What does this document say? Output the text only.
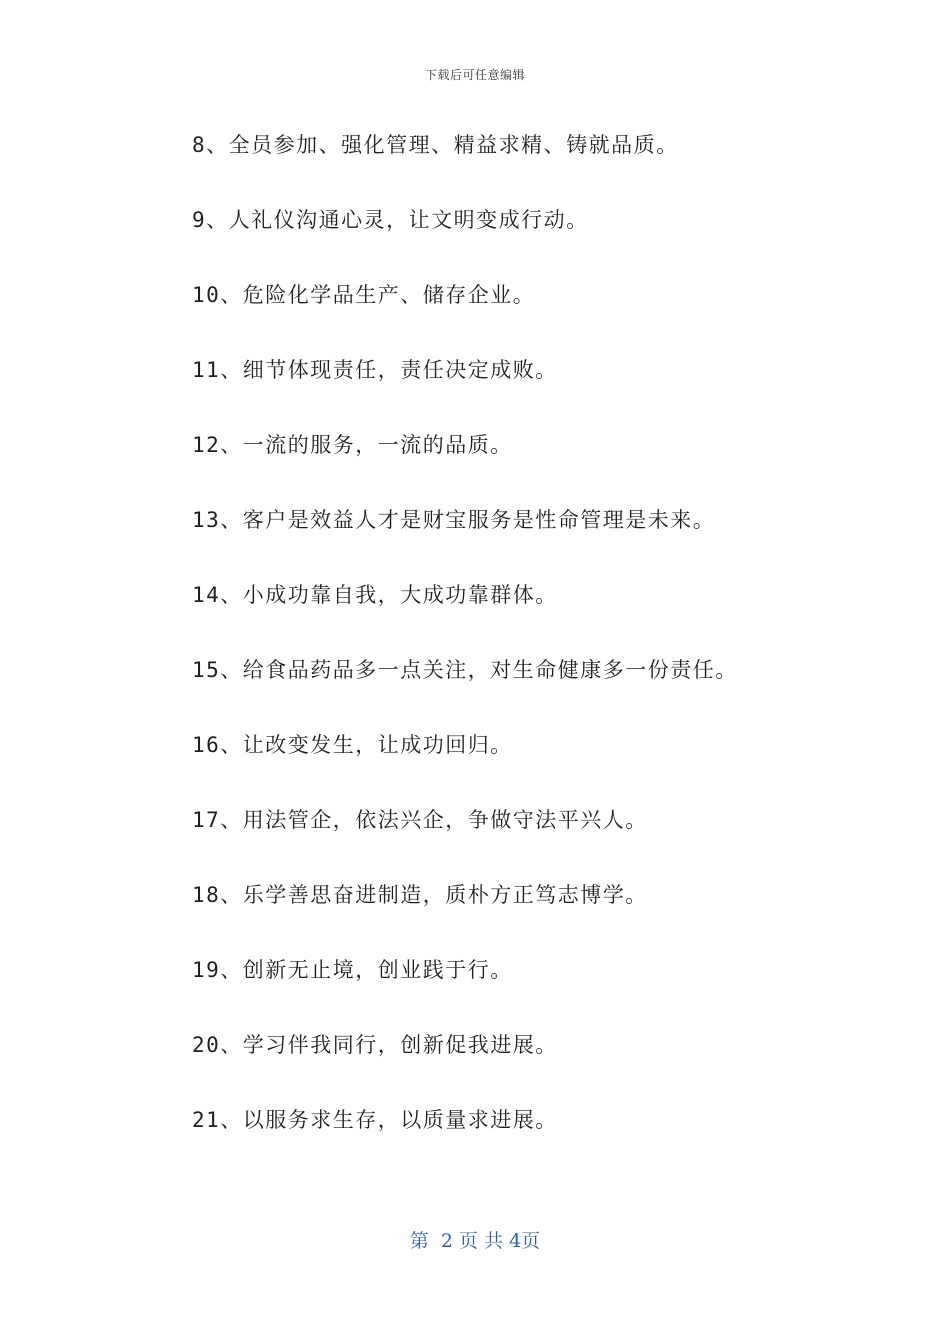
下载后可任意编辑
8、全员参加、强化管理、精益求精、铸就品质。
9、人礼仪沟通心灵，让文明变成行动。
10、危险化学品生产、储存企业。
11、细节体现责任，责任决定成败。
12、一流的服务，一流的品质。
13、客户是效益人才是财宝服务是性命管理是未来。
14、小成功靠自我，大成功靠群体。
15、给食品药品多一点关注，对生命健康多一份责任。
16、让改变发生，让成功回归。
17、用法管企，依法兴企，争做守法平兴人。
18、乐学善思奋进制造，质朴方正笃志博学。
19、创新无止境，创业践于行。
20、学习伴我同行，创新促我进展。
21、以服务求生存，以质量求进展。
第  2 页 共 4页
